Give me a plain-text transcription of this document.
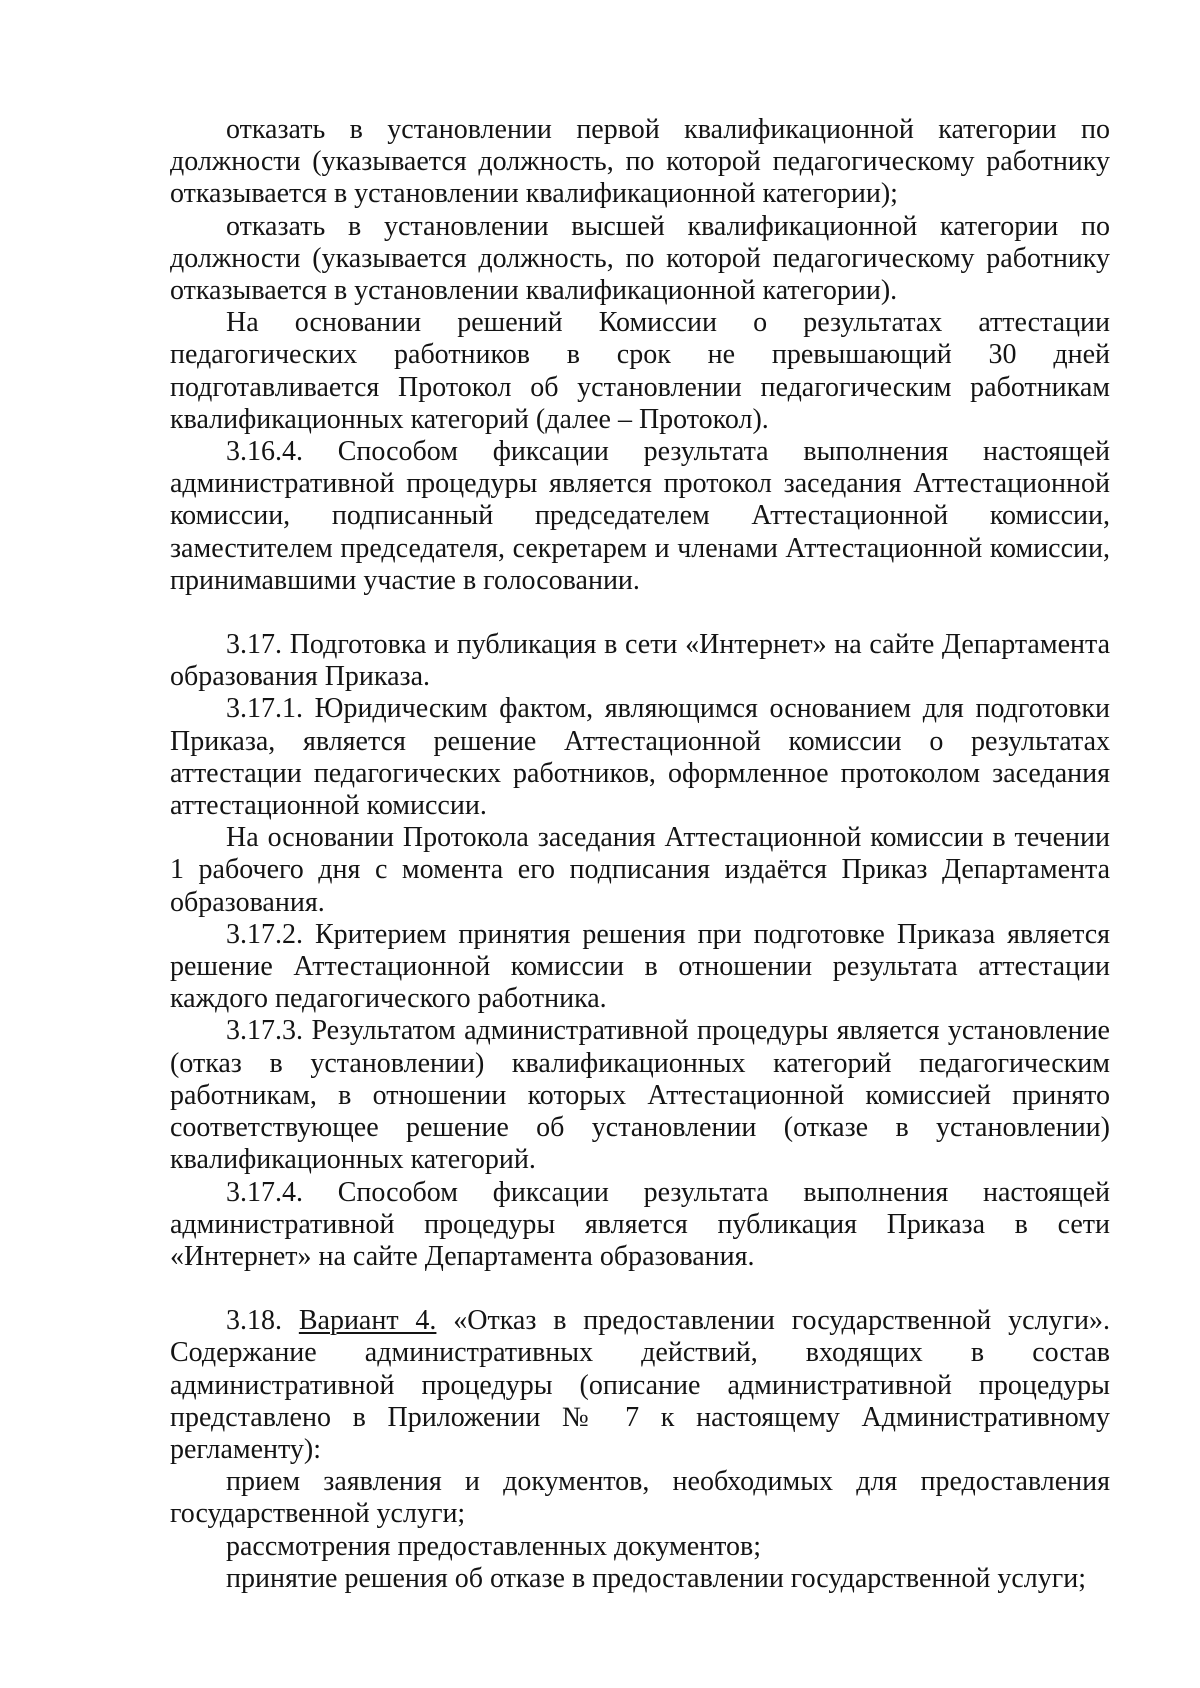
отказать в установлении первой квалификационной категории по должности (указывается должность, по которой педагогическому работнику отказывается в установлении квалификационной категории);

отказать в установлении высшей квалификационной категории по должности (указывается должность, по которой педагогическому работнику отказывается в установлении квалификационной категории).

На основании решений Комиссии о результатах аттестации педагогических работников в срок не превышающий 30 дней подготавливается Протокол об установлении педагогическим работникам квалификационных категорий (далее – Протокол).

3.16.4. Способом фиксации результата выполнения настоящей административной процедуры является протокол заседания Аттестационной комиссии, подписанный председателем Аттестационной комиссии, заместителем председателя, секретарем и членами Аттестационной комиссии, принимавшими участие в голосовании.

3.17. Подготовка и публикация в сети «Интернет» на сайте Департамента образования Приказа.

3.17.1. Юридическим фактом, являющимся основанием для подготовки Приказа, является решение Аттестационной комиссии о результатах аттестации педагогических работников, оформленное протоколом заседания аттестационной комиссии.

На основании Протокола заседания Аттестационной комиссии в течении 1 рабочего дня с момента его подписания издаётся Приказ Департамента образования.

3.17.2. Критерием принятия решения при подготовке Приказа является решение Аттестационной комиссии в отношении результата аттестации каждого педагогического работника.

3.17.3. Результатом административной процедуры является установление (отказ в установлении) квалификационных категорий педагогическим работникам, в отношении которых Аттестационной комиссией принято соответствующее решение об установлении (отказе в установлении) квалификационных категорий.

3.17.4. Способом фиксации результата выполнения настоящей административной процедуры является публикация Приказа в сети «Интернет» на сайте Департамента образования.

3.18. Вариант 4. «Отказ в предоставлении государственной услуги». Содержание административных действий, входящих в состав административной процедуры (описание административной процедуры представлено в Приложении № 7 к настоящему Административному регламенту):

прием заявления и документов, необходимых для предоставления государственной услуги;

рассмотрения предоставленных документов;

принятие решения об отказе в предоставлении государственной услуги;
